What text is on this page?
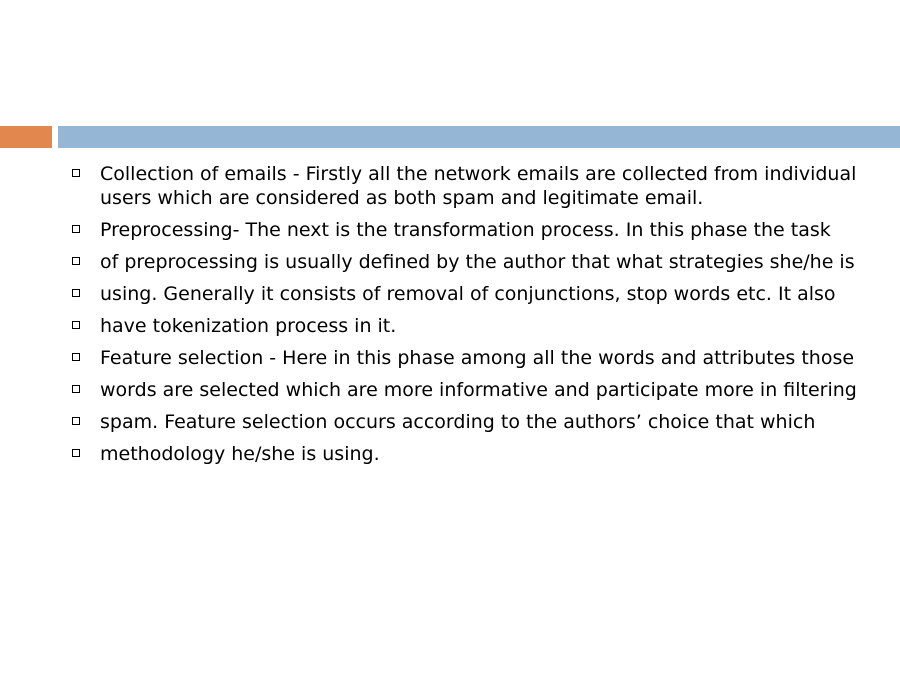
Collection of emails - Firstly all the network emails are collected from individual users which are considered as both spam and legitimate email.
Preprocessing- The next is the transformation process. In this phase the task
of preprocessing is usually defined by the author that what strategies she/he is
using. Generally it consists of removal of conjunctions, stop words etc. It also
have tokenization process in it.
Feature selection - Here in this phase among all the words and attributes those
words are selected which are more informative and participate more in filtering
spam. Feature selection occurs according to the authors’ choice that which
methodology he/she is using.
